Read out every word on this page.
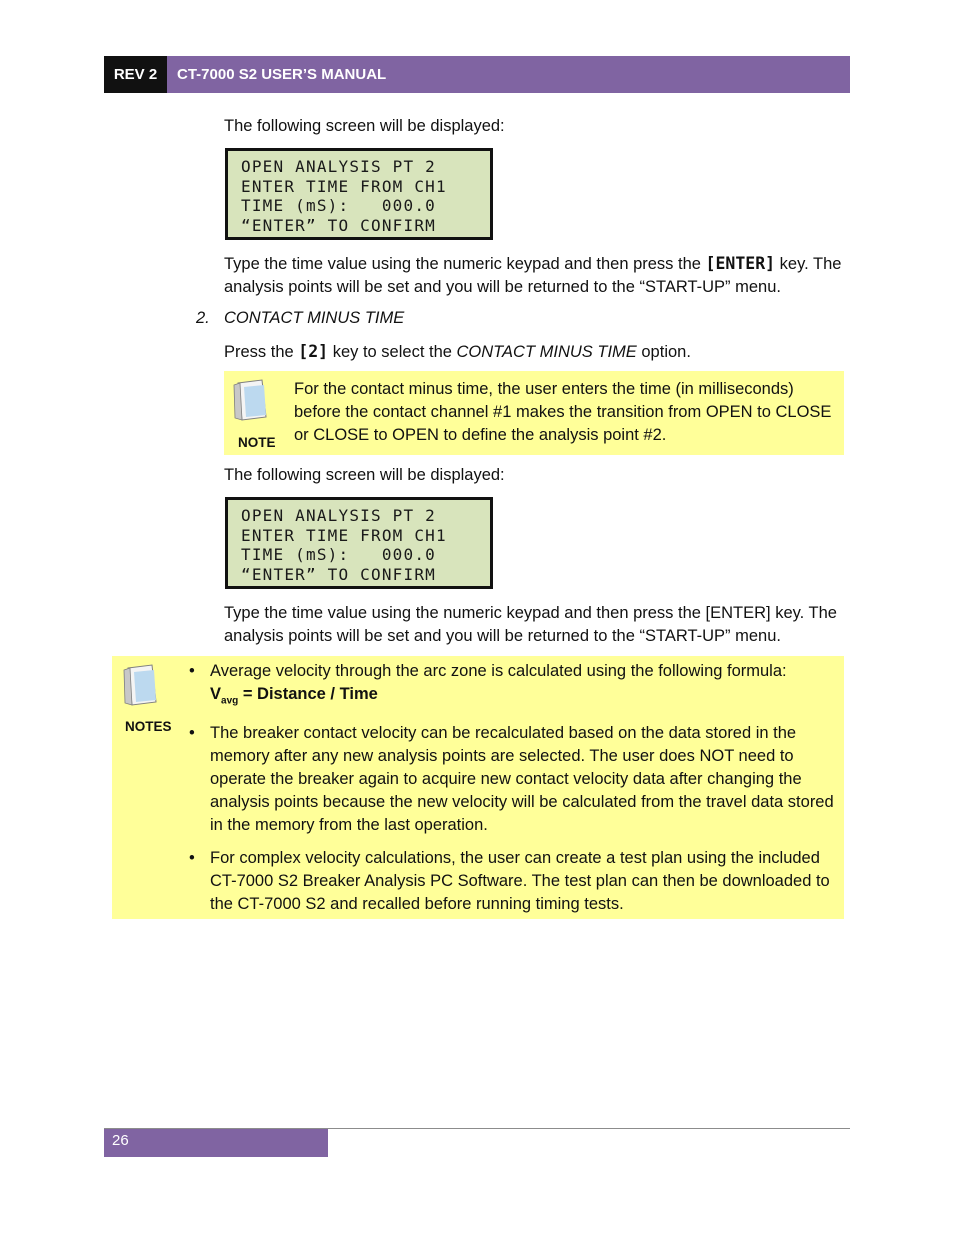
REV 2	CT-7000 S2 USER’S MANUAL
The following screen will be displayed:
OPEN ANALYSIS PT 2
ENTER TIME FROM CH1
TIME (mS):   000.0
“ENTER” TO CONFIRM
Type the time value using the numeric keypad and then press the [ENTER] key. The analysis points will be set and you will be returned to the “START-UP” menu.
2. CONTACT MINUS TIME
Press the [2] key to select the CONTACT MINUS TIME option.
NOTE
For the contact minus time, the user enters the time (in milliseconds) before the contact channel #1 makes the transition from OPEN to CLOSE or CLOSE to OPEN to define the analysis point #2.
The following screen will be displayed:
OPEN ANALYSIS PT 2
ENTER TIME FROM CH1
TIME (mS):   000.0
“ENTER” TO CONFIRM
Type the time value using the numeric keypad and then press the [ENTER] key. The analysis points will be set and you will be returned to the “START-UP” menu.
NOTES
• Average velocity through the arc zone is calculated using the following formula:
$V_{avg}$ = Distance / Time
• The breaker contact velocity can be recalculated based on the data stored in the memory after any new analysis points are selected. The user does NOT need to operate the breaker again to acquire new contact velocity data after changing the analysis points because the new velocity will be calculated from the travel data stored in the memory from the last operation.
• For complex velocity calculations, the user can create a test plan using the included CT-7000 S2 Breaker Analysis PC Software. The test plan can then be downloaded to the CT-7000 S2 and recalled before running timing tests.
26
